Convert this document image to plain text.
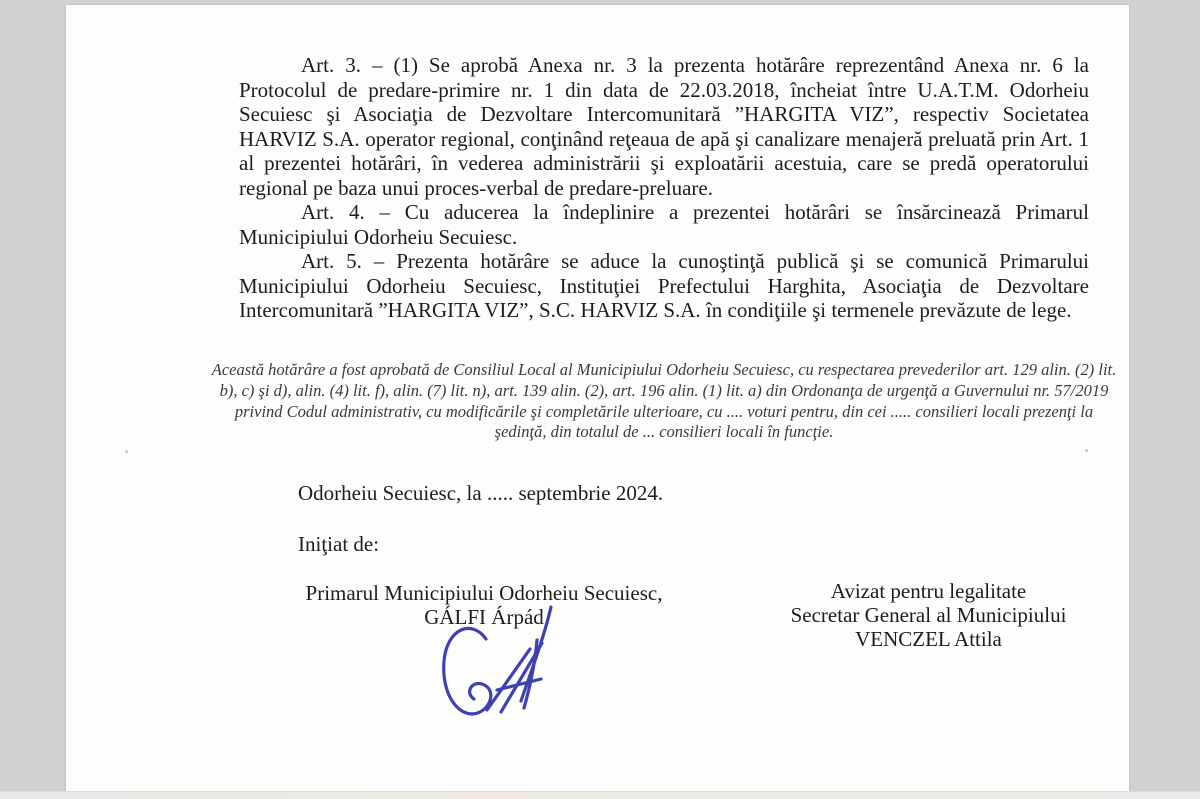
Art. 3. – (1) Se aprobă Anexa nr. 3 la prezenta hotărâre reprezentând Anexa nr. 6 la Protocolul de predare-primire nr. 1 din data de 22.03.2018, încheiat între U.A.T.M. Odorheiu Secuiesc şi Asociaţia de Dezvoltare Intercomunitară ”HARGITA VIZ”, respectiv Societatea HARVIZ S.A. operator regional, conţinând reţeaua de apă şi canalizare menajeră preluată prin Art. 1 al prezentei hotărâri, în vederea administrării şi exploatării acestuia, care se predă operatorului regional pe baza unui proces-verbal de predare-preluare.

Art. 4. – Cu aducerea la îndeplinire a prezentei hotărâri se însărcinează Primarul Municipiului Odorheiu Secuiesc.

Art. 5. – Prezenta hotărâre se aduce la cunoştinţă publică şi se comunică Primarului Municipiului Odorheiu Secuiesc, Instituţiei Prefectului Harghita, Asociaţia de Dezvoltare Intercomunitară ”HARGITA VIZ”, S.C. HARVIZ S.A. în condiţiile şi termenele prevăzute de lege.

Această hotărâre a fost aprobată de Consiliul Local al Municipiului Odorheiu Secuiesc, cu respectarea prevederilor art. 129 alin. (2) lit. b), c) şi d), alin. (4) lit. f), alin. (7) lit. n), art. 139 alin. (2), art. 196 alin. (1) lit. a) din Ordonanţa de urgenţă a Guvernului nr. 57/2019 privind Codul administrativ, cu modificările şi completările ulterioare, cu .... voturi pentru, din cei ..... consilieri locali prezenţi la şedinţă, din totalul de ... consilieri locali în funcţie.
Odorheiu Secuiesc, la ..... septembrie 2024.
Iniţiat de:
Primarul Municipiului Odorheiu Secuiesc,
GÁLFI Árpád
Avizat pentru legalitate
Secretar General al Municipiului
VENCZEL Attila
